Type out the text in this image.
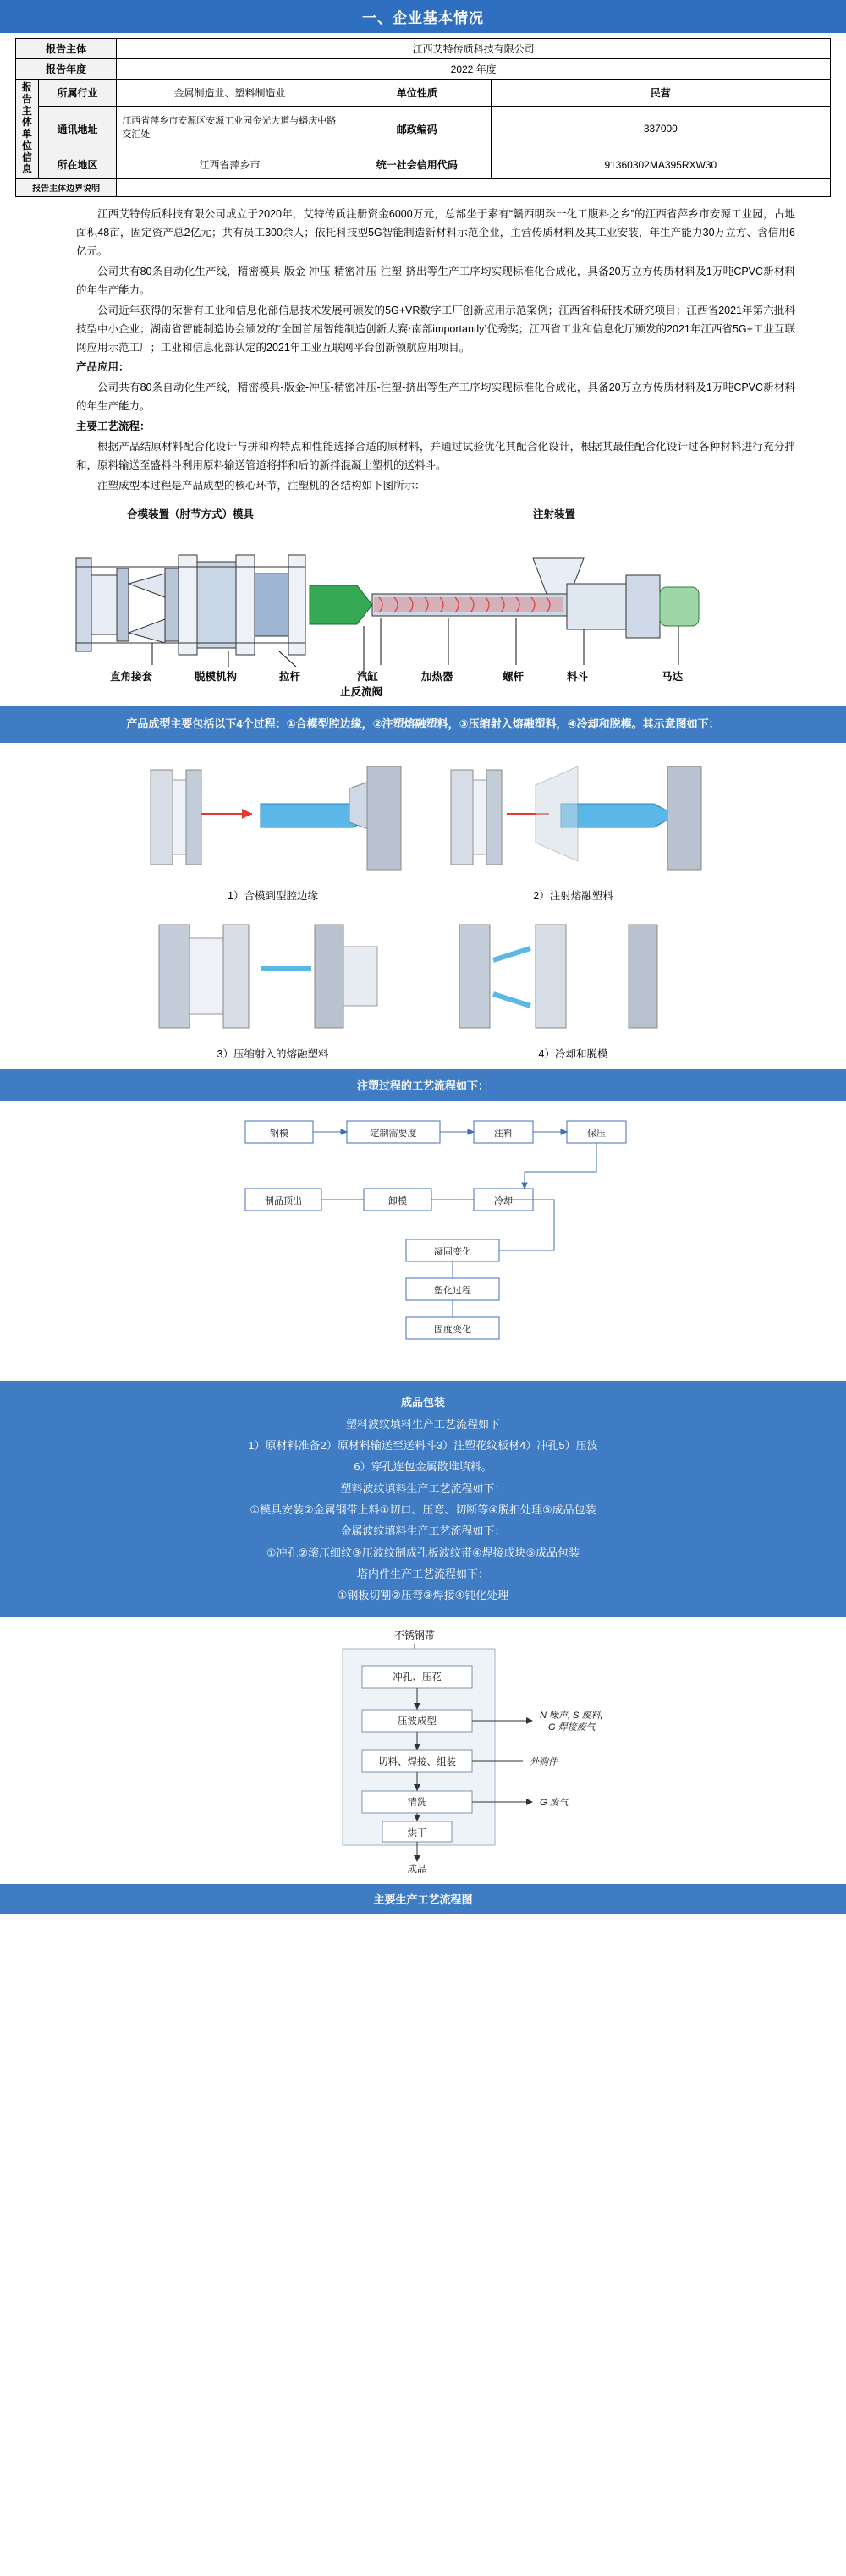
一、企业基本情况
报告主体		江西艾特传质科技有限公司		
报告年度		2022 年度		
报
告
主
体
单
位
信
息	所属行业	金属制造业、塑料制造业	单位性质	民营
	通讯地址	江西省萍乡市安源区安源工业园金光大道与蟠庆中路交汇处	邮政编码	337000
	所在地区	江西省萍乡市	统一社会信用代码	91360302MA395RXW30
报告主体边界说明				

江西艾特传质科技有限公司成立于2020年，艾特传质注册资金6000万元，总部坐于素有“赣西明珠一化工腹料之乡”的江西省萍乡市安源工业园，占地面积48亩，固定资产总2亿元；共有员工300余人；依托科技型5G智能制造新材料示范企业，主营传质材料及其工业安装，年生产能力30万立方、含信用6亿元。

公司共有80条自动化生产线，精密模具-版金-冲压-精密冲压-注塑-挤出等生产工序均实现标准化合成化，具备20万立方传质材料及1万吨CPVC新材料的年生产能力。

公司近年获得的荣誉有工业和信息化部信息技术发展可颁发的5G+VR数字工厂创新应用示范案例；江西省科研技术研究项目；江西省2021年第六批科技型中小企业；湖南省智能制造协会颁发的“全国首届智能制造创新大赛‧南部importantly’优秀奖；江西省工业和信息化厅颁发的2021年江西省5G+工业互联网应用示范工厂；工业和信息化部认定的2021年工业互联网平台创新领航应用项目。

产品应用：

公司共有80条自动化生产线，精密模具-版金-冲压-精密冲压-注塑-挤出等生产工序均实现标准化合成化，具备20万立方传质材料及1万吨CPVC新材料的年生产能力。

主要工艺流程：

根据产品结原材料配合化设计与拼和构特点和性能选择合适的原材料，并通过试验优化其配合化设计，根据其最佳配合化设计过各种材料进行充分拌和，原料输送至盛料斗利用原料输送管道将拌和后的新拌混凝土塑机的送料斗。

注塑成型本过程是产品成型的核心环节，注塑机的各结构如下图所示：

合模装置（肘节方式）模具	注射装置
直角接套	脱模机构	拉杆	汽缸	加热器	螺杆	料斗	马达
止反流阀
产品成型主要包括以下4个过程：①合模型腔边缘，②注塑熔融塑料，③压缩射入熔融塑料，④冷却和脱模。其示意图如下：
1）合模到型腔边缘	2）注射熔融塑料
3）压缩射入的熔融塑料	4）冷却和脱模
注塑过程的工艺流程如下：
钢模	定制需要度	注料	保压
制品顶出	卸模	冷却
凝固变化
塑化过程
固度变化
成品包装
塑料波纹填料生产工艺流程如下
1）原材料准备2）原材料输送至送料斗3）注塑花纹板材4）冲孔5）压波
6）穿孔连包金属散堆填料。
塑料波纹填料生产工艺流程如下：
①模具安装②金属钢带上料①切口、压弯、切断等④脱扣处理⑤成品包装
金属波纹填料生产工艺流程如下：
①冲孔②滚压细纹③压波纹制成孔板波纹带④焊接成块⑤成品包装
塔内件生产工艺流程如下：
①钢板切割②压弯③焊接④钝化处理
不锈钢带
冲孔、压花
压波成型
切料、焊接、组装
清洗
烘干
成品
N 噪声, S 废料,
G 焊接废气
外购件
G 废气
主要生产工艺流程图
